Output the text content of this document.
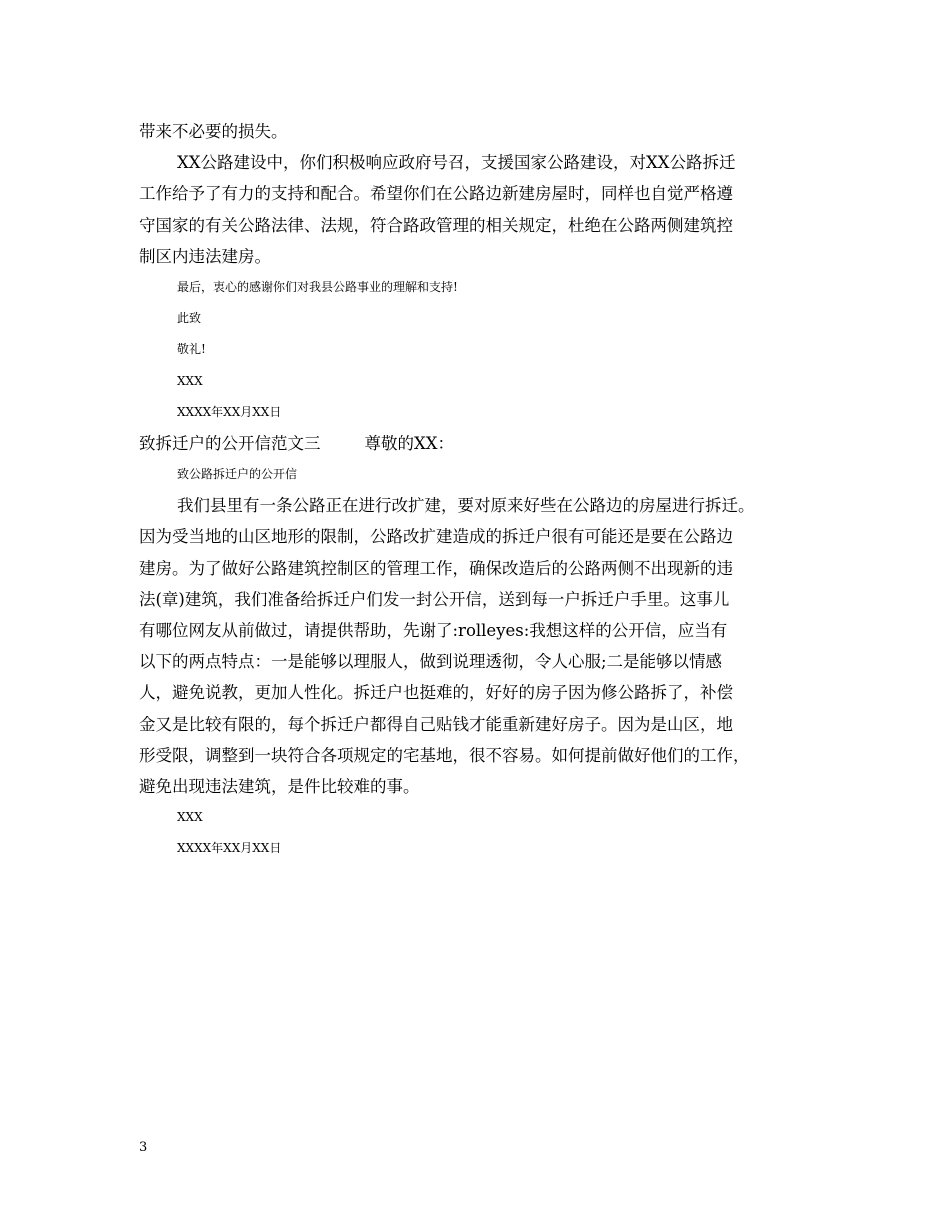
带来不必要的损失。
XX公路建设中，你们积极响应政府号召，支援国家公路建设，对XX公路拆迁
工作给予了有力的支持和配合。希望你们在公路边新建房屋时，同样也自觉严格遵
守国家的有关公路法律、法规，符合路政管理的相关规定，杜绝在公路两侧建筑控
制区内违法建房。
最后，衷心的感谢你们对我县公路事业的理解和支持!
此致
敬礼!
XXX
XXXX年XX月XX日
致拆迁户的公开信范文三	尊敬的XX：
致公路拆迁户的公开信
我们县里有一条公路正在进行改扩建，要对原来好些在公路边的房屋进行拆迁。
因为受当地的山区地形的限制，公路改扩建造成的拆迁户很有可能还是要在公路边
建房。为了做好公路建筑控制区的管理工作，确保改造后的公路两侧不出现新的违
法(章)建筑，我们准备给拆迁户们发一封公开信，送到每一户拆迁户手里。这事儿
有哪位网友从前做过，请提供帮助，先谢了:rolleyes:我想这样的公开信，应当有
以下的两点特点：一是能够以理服人，做到说理透彻，令人心服;二是能够以情感
人，避免说教，更加人性化。拆迁户也挺难的，好好的房子因为修公路拆了，补偿
金又是比较有限的，每个拆迁户都得自己贴钱才能重新建好房子。因为是山区，地
形受限，调整到一块符合各项规定的宅基地，很不容易。如何提前做好他们的工作，
避免出现违法建筑，是件比较难的事。
XXX
XXXX年XX月XX日
3
